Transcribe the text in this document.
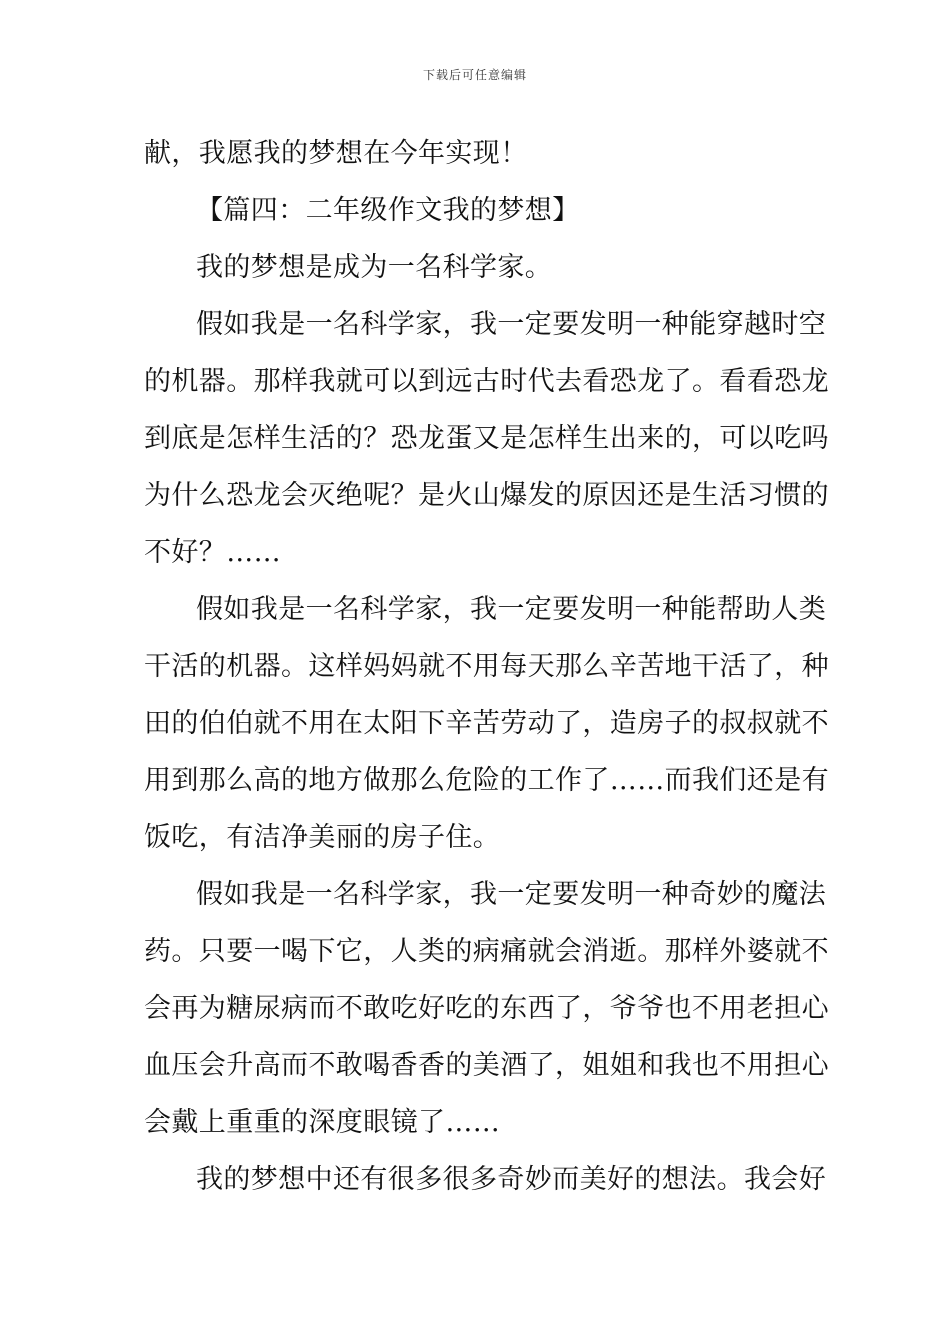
下载后可任意编辑
献，我愿我的梦想在今年实现！
【篇四：二年级作文我的梦想】
我的梦想是成为一名科学家。
假如我是一名科学家，我一定要发明一种能穿越时空
的机器。那样我就可以到远古时代去看恐龙了。看看恐龙
到底是怎样生活的？恐龙蛋又是怎样生出来的，可以吃吗
为什么恐龙会灭绝呢？是火山爆发的原因还是生活习惯的
不好？……
假如我是一名科学家，我一定要发明一种能帮助人类
干活的机器。这样妈妈就不用每天那么辛苦地干活了，种
田的伯伯就不用在太阳下辛苦劳动了，造房子的叔叔就不
用到那么高的地方做那么危险的工作了……而我们还是有
饭吃，有洁净美丽的房子住。
假如我是一名科学家，我一定要发明一种奇妙的魔法
药。只要一喝下它，人类的病痛就会消逝。那样外婆就不
会再为糖尿病而不敢吃好吃的东西了，爷爷也不用老担心
血压会升高而不敢喝香香的美酒了，姐姐和我也不用担心
会戴上重重的深度眼镜了……
我的梦想中还有很多很多奇妙而美好的想法。我会好
